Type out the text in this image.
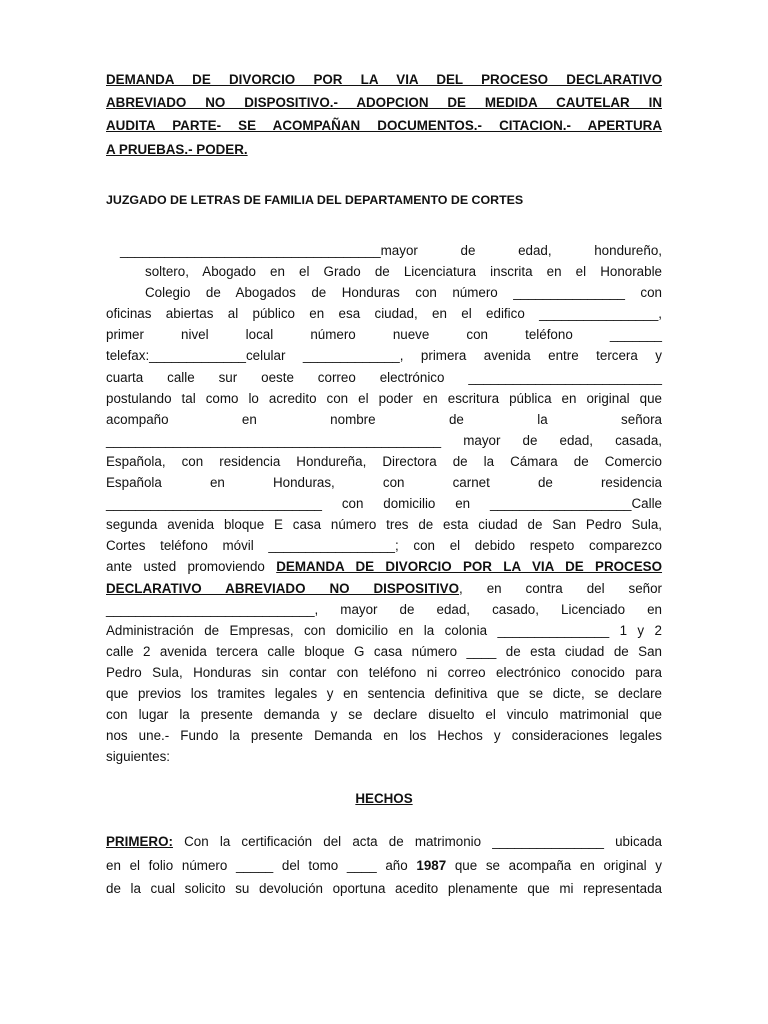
DEMANDA DE DIVORCIO POR LA VIA DEL PROCESO DECLARATIVO
ABREVIADO NO DISPOSITIVO.- ADOPCION DE MEDIDA CAUTELAR IN
AUDITA PARTE- SE ACOMPAÑAN DOCUMENTOS.- CITACION.- APERTURA
A PRUEBAS.- PODER.
JUZGADO DE LETRAS DE FAMILIA DEL DEPARTAMENTO DE CORTES
___________________________________mayor de edad, hondureño,
soltero, Abogado en el Grado de Licenciatura inscrita en el Honorable
Colegio de Abogados de Honduras con número _______________ con
oficinas abiertas al público en esa ciudad, en el edifico ________________,
primer nivel local número nueve con teléfono _______
telefax:_____________celular _____________, primera avenida entre tercera y
cuarta calle sur oeste correo electrónico __________________________
postulando tal como lo acredito con el poder en escritura pública en original que
acompaño en nombre de la señora
_____________________________________________ mayor de edad, casada,
Española, con residencia Hondureña, Directora de la Cámara de Comercio
Española en Honduras, con carnet de residencia
_____________________________ con domicilio en ___________________Calle
segunda avenida bloque E casa número tres de esta ciudad de San Pedro Sula,
Cortes teléfono móvil _________________; con el debido respeto comparezco
ante usted promoviendo DEMANDA DE DIVORCIO POR LA VIA DE PROCESO
DECLARATIVO ABREVIADO NO DISPOSITIVO, en contra del señor
____________________________, mayor de edad, casado, Licenciado en
Administración de Empresas, con domicilio en la colonia _______________ 1 y 2
calle 2 avenida tercera calle bloque G casa número ____ de esta ciudad de San
Pedro Sula, Honduras sin contar con teléfono ni correo electrónico conocido para
que previos los tramites legales y en sentencia definitiva que se dicte, se declare
con lugar la presente demanda y se declare disuelto el vinculo matrimonial que
nos une.- Fundo la presente Demanda en los Hechos y consideraciones legales
siguientes:
HECHOS
PRIMERO: Con la certificación del acta de matrimonio _______________ ubicada
en el folio número _____ del tomo ____ año 1987 que se acompaña en original y
de la cual solicito su devolución oportuna acedito plenamente que mi representada
